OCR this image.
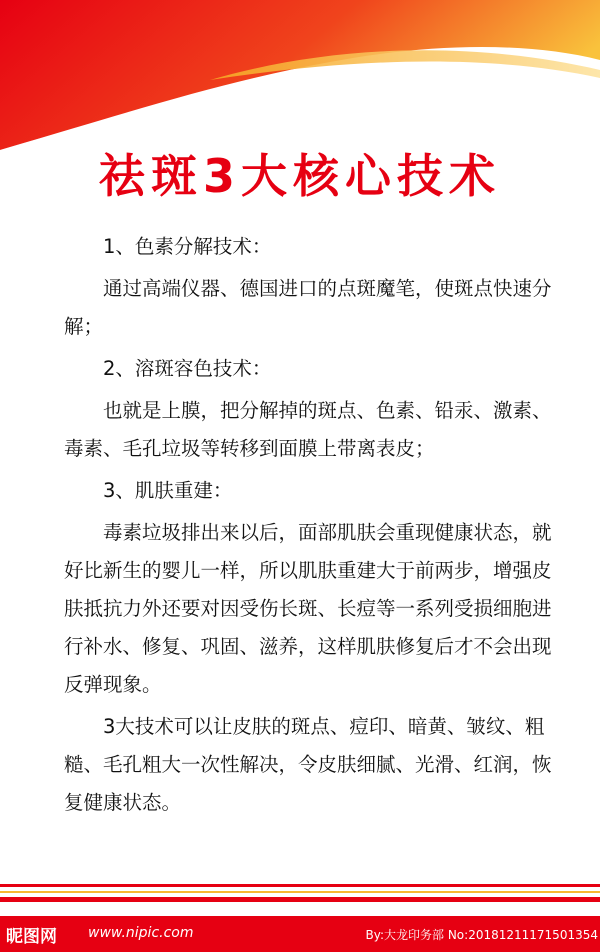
祛斑3大核心技术

1、色素分解技术：

通过高端仪器、德国进口的点斑魔笔，使斑点快速分解；

2、溶斑容色技术：

也就是上膜，把分解掉的斑点、色素、铅汞、激素、毒素、毛孔垃圾等转移到面膜上带离表皮；

3、肌肤重建：

毒素垃圾排出来以后，面部肌肤会重现健康状态，就好比新生的婴儿一样，所以肌肤重建大于前两步，增强皮肤抵抗力外还要对因受伤长斑、长痘等一系列受损细胞进行补水、修复、巩固、滋养，这样肌肤修复后才不会出现反弹现象。

3大技术可以让皮肤的斑点、痘印、暗黄、皱纹、粗糙、毛孔粗大一次性解决，令皮肤细腻、光滑、红润，恢复健康状态。

昵图网 www.nipic.com	By:大龙印务部 No:20181211171501354
